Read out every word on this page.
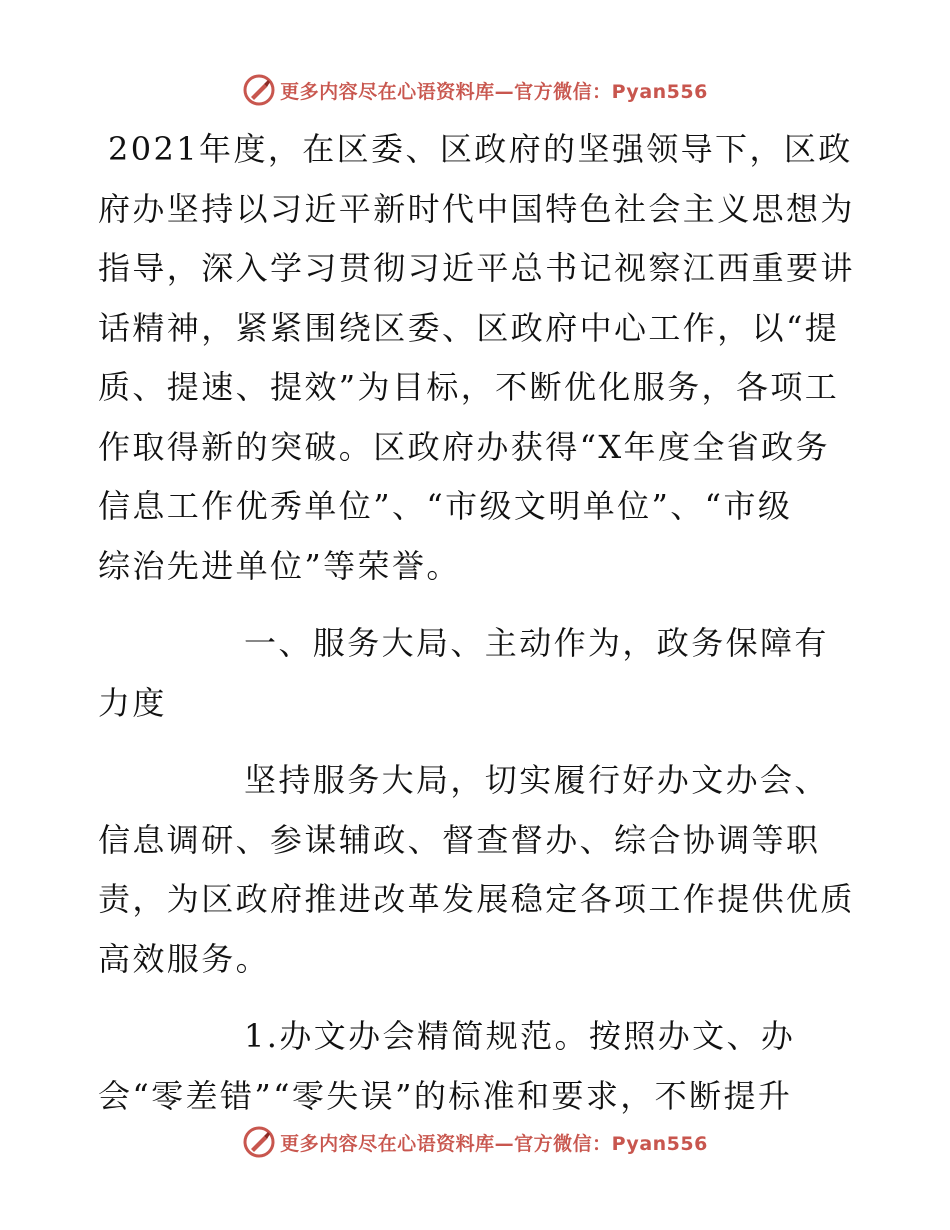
更多内容尽在心语资料库—官方微信：Pyan556
2021年度，在区委、区政府的坚强领导下，区政
府办坚持以习近平新时代中国特色社会主义思想为
指导，深入学习贯彻习近平总书记视察江西重要讲
话精神，紧紧围绕区委、区政府中心工作，以“提
质、提速、提效”为目标，不断优化服务，各项工
作取得新的突破。区政府办获得“X年度全省政务
信息工作优秀单位”、“市级文明单位”、“市级
综治先进单位”等荣誉。
一、服务大局、主动作为，政务保障有
力度
坚持服务大局，切实履行好办文办会、
信息调研、参谋辅政、督查督办、综合协调等职
责，为区政府推进改革发展稳定各项工作提供优质
高效服务。
1.办文办会精简规范。按照办文、办
会“零差错”“零失误”的标准和要求，不断提升
更多内容尽在心语资料库—官方微信：Pyan556
